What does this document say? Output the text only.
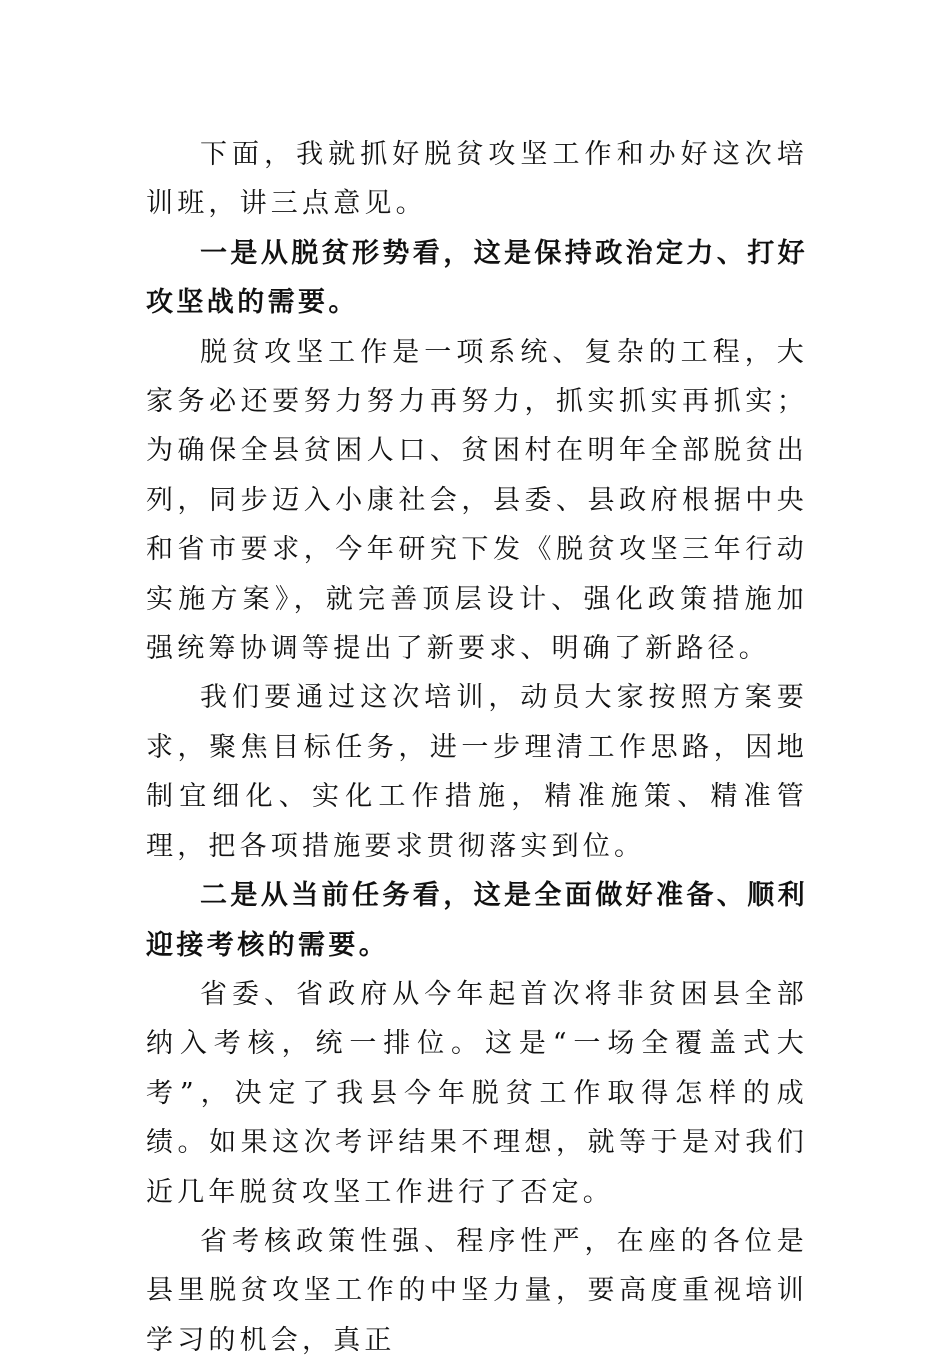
下面，我就抓好脱贫攻坚工作和办好这次培训班，讲三点意见。

一是从脱贫形势看，这是保持政治定力、打好攻坚战的需要。

脱贫攻坚工作是一项系统、复杂的工程，大家务必还要努力努力再努力，抓实抓实再抓实；为确保全县贫困人口、贫困村在明年全部脱贫出列，同步迈入小康社会，县委、县政府根据中央和省市要求，今年研究下发《脱贫攻坚三年行动实施方案》，就完善顶层设计、强化政策措施加强统筹协调等提出了新要求、明确了新路径。

我们要通过这次培训，动员大家按照方案要求，聚焦目标任务，进一步理清工作思路，因地制宜细化、实化工作措施，精准施策、精准管理，把各项措施要求贯彻落实到位。

二是从当前任务看，这是全面做好准备、顺利迎接考核的需要。

省委、省政府从今年起首次将非贫困县全部纳入考核，统一排位。这是“一场全覆盖式大考”，决定了我县今年脱贫工作取得怎样的成绩。如果这次考评结果不理想，就等于是对我们近几年脱贫攻坚工作进行了否定。

省考核政策性强、程序性严，在座的各位是县里脱贫攻坚工作的中坚力量，要高度重视培训学习的机会，真正
